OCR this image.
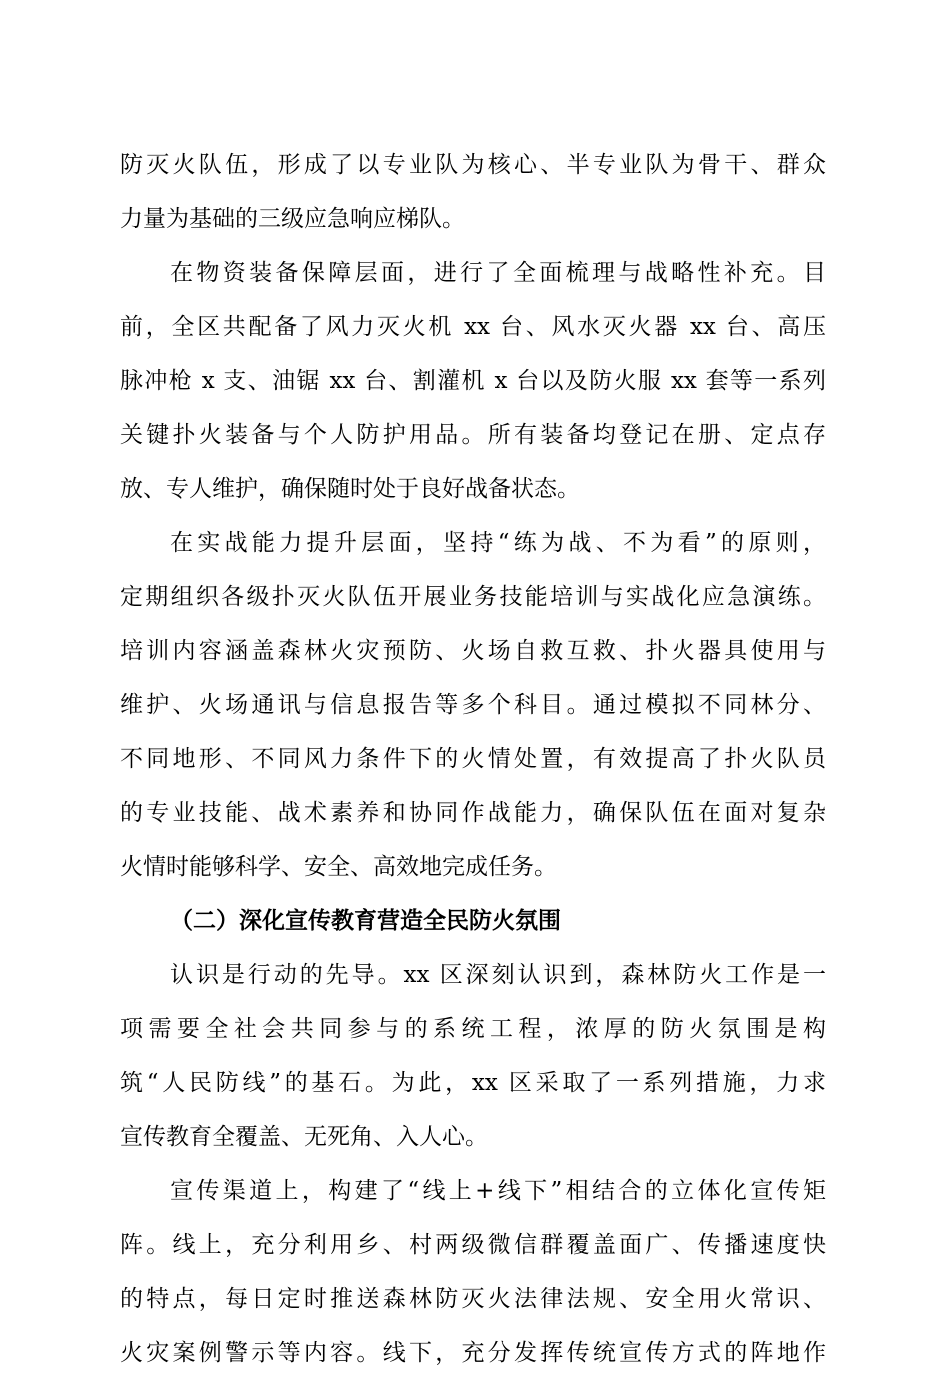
防灭火队伍，形成了以专业队为核心、半专业队为骨干、群众
力量为基础的三级应急响应梯队。
在物资装备保障层面，进行了全面梳理与战略性补充。目
前，全区共配备了风力灭火机 xx 台、风水灭火器 xx 台、高压
脉冲枪 x 支、油锯 xx 台、割灌机 x 台以及防火服 xx 套等一系列
关键扑火装备与个人防护用品。所有装备均登记在册、定点存
放、专人维护，确保随时处于良好战备状态。
在实战能力提升层面，坚持“练为战、不为看”的原则，
定期组织各级扑灭火队伍开展业务技能培训与实战化应急演练。
培训内容涵盖森林火灾预防、火场自救互救、扑火器具使用与
维护、火场通讯与信息报告等多个科目。通过模拟不同林分、
不同地形、不同风力条件下的火情处置，有效提高了扑火队员
的专业技能、战术素养和协同作战能力，确保队伍在面对复杂
火情时能够科学、安全、高效地完成任务。
（二）深化宣传教育营造全民防火氛围
认识是行动的先导。xx 区深刻认识到，森林防火工作是一
项需要全社会共同参与的系统工程，浓厚的防火氛围是构
筑“人民防线”的基石。为此，xx 区采取了一系列措施，力求
宣传教育全覆盖、无死角、入人心。
宣传渠道上，构建了“线上+线下”相结合的立体化宣传矩
阵。线上，充分利用乡、村两级微信群覆盖面广、传播速度快
的特点，每日定时推送森林防灭火法律法规、安全用火常识、
火灾案例警示等内容。线下，充分发挥传统宣传方式的阵地作
